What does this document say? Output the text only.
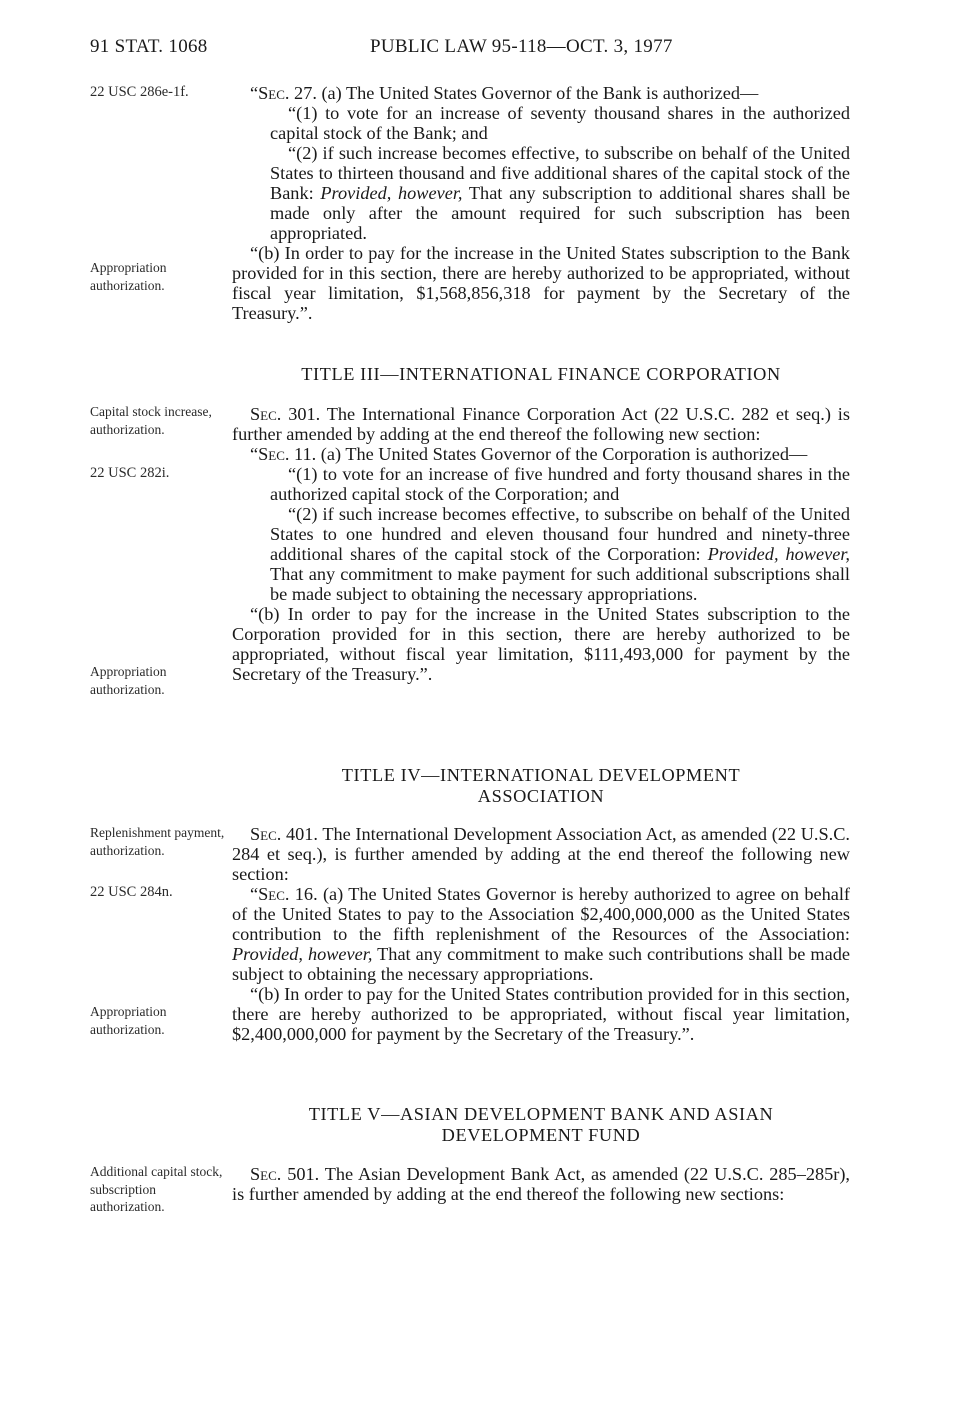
91 STAT. 1068	PUBLIC LAW 95-118—OCT. 3, 1977
22 USC 286e-1f.
Appropriation authorization.
Capital stock increase, authorization.
22 USC 282i.
Appropriation authorization.
Replenishment payment, authorization.
22 USC 284n.
Appropriation authorization.
Additional capital stock, subscription authorization.

“Sec. 27. (a) The United States Governor of the Bank is authorized—

“(1) to vote for an increase of seventy thousand shares in the authorized capital stock of the Bank; and

“(2) if such increase becomes effective, to subscribe on behalf of the United States to thirteen thousand and five additional shares of the capital stock of the Bank: Provided, however, That any subscription to additional shares shall be made only after the amount required for such subscription has been appropriated.

“(b) In order to pay for the increase in the United States subscription to the Bank provided for in this section, there are hereby authorized to be appropriated, without fiscal year limitation, $1,568,856,318 for payment by the Secretary of the Treasury.”.

TITLE III—INTERNATIONAL FINANCE CORPORATION

Sec. 301. The International Finance Corporation Act (22 U.S.C. 282 et seq.) is further amended by adding at the end thereof the following new section:

“Sec. 11. (a) The United States Governor of the Corporation is authorized—

“(1) to vote for an increase of five hundred and forty thousand shares in the authorized capital stock of the Corporation; and

“(2) if such increase becomes effective, to subscribe on behalf of the United States to one hundred and eleven thousand four hundred and ninety-three additional shares of the capital stock of the Corporation: Provided, however, That any commitment to make payment for such additional subscriptions shall be made subject to obtaining the necessary appropriations.

“(b) In order to pay for the increase in the United States subscription to the Corporation provided for in this section, there are hereby authorized to be appropriated, without fiscal year limitation, $111,493,000 for payment by the Secretary of the Treasury.”.

TITLE IV—INTERNATIONAL DEVELOPMENT
ASSOCIATION

Sec. 401. The International Development Association Act, as amended (22 U.S.C. 284 et seq.), is further amended by adding at the end thereof the following new section:

“Sec. 16. (a) The United States Governor is hereby authorized to agree on behalf of the United States to pay to the Association $2,400,000,000 as the United States contribution to the fifth replenishment of the Resources of the Association: Provided, however, That any commitment to make such contributions shall be made subject to obtaining the necessary appropriations.

“(b) In order to pay for the United States contribution provided for in this section, there are hereby authorized to be appropriated, without fiscal year limitation, $2,400,000,000 for payment by the Secretary of the Treasury.”.

TITLE V—ASIAN DEVELOPMENT BANK AND ASIAN
DEVELOPMENT FUND

Sec. 501. The Asian Development Bank Act, as amended (22 U.S.C. 285–285r), is further amended by adding at the end thereof the following new sections:
